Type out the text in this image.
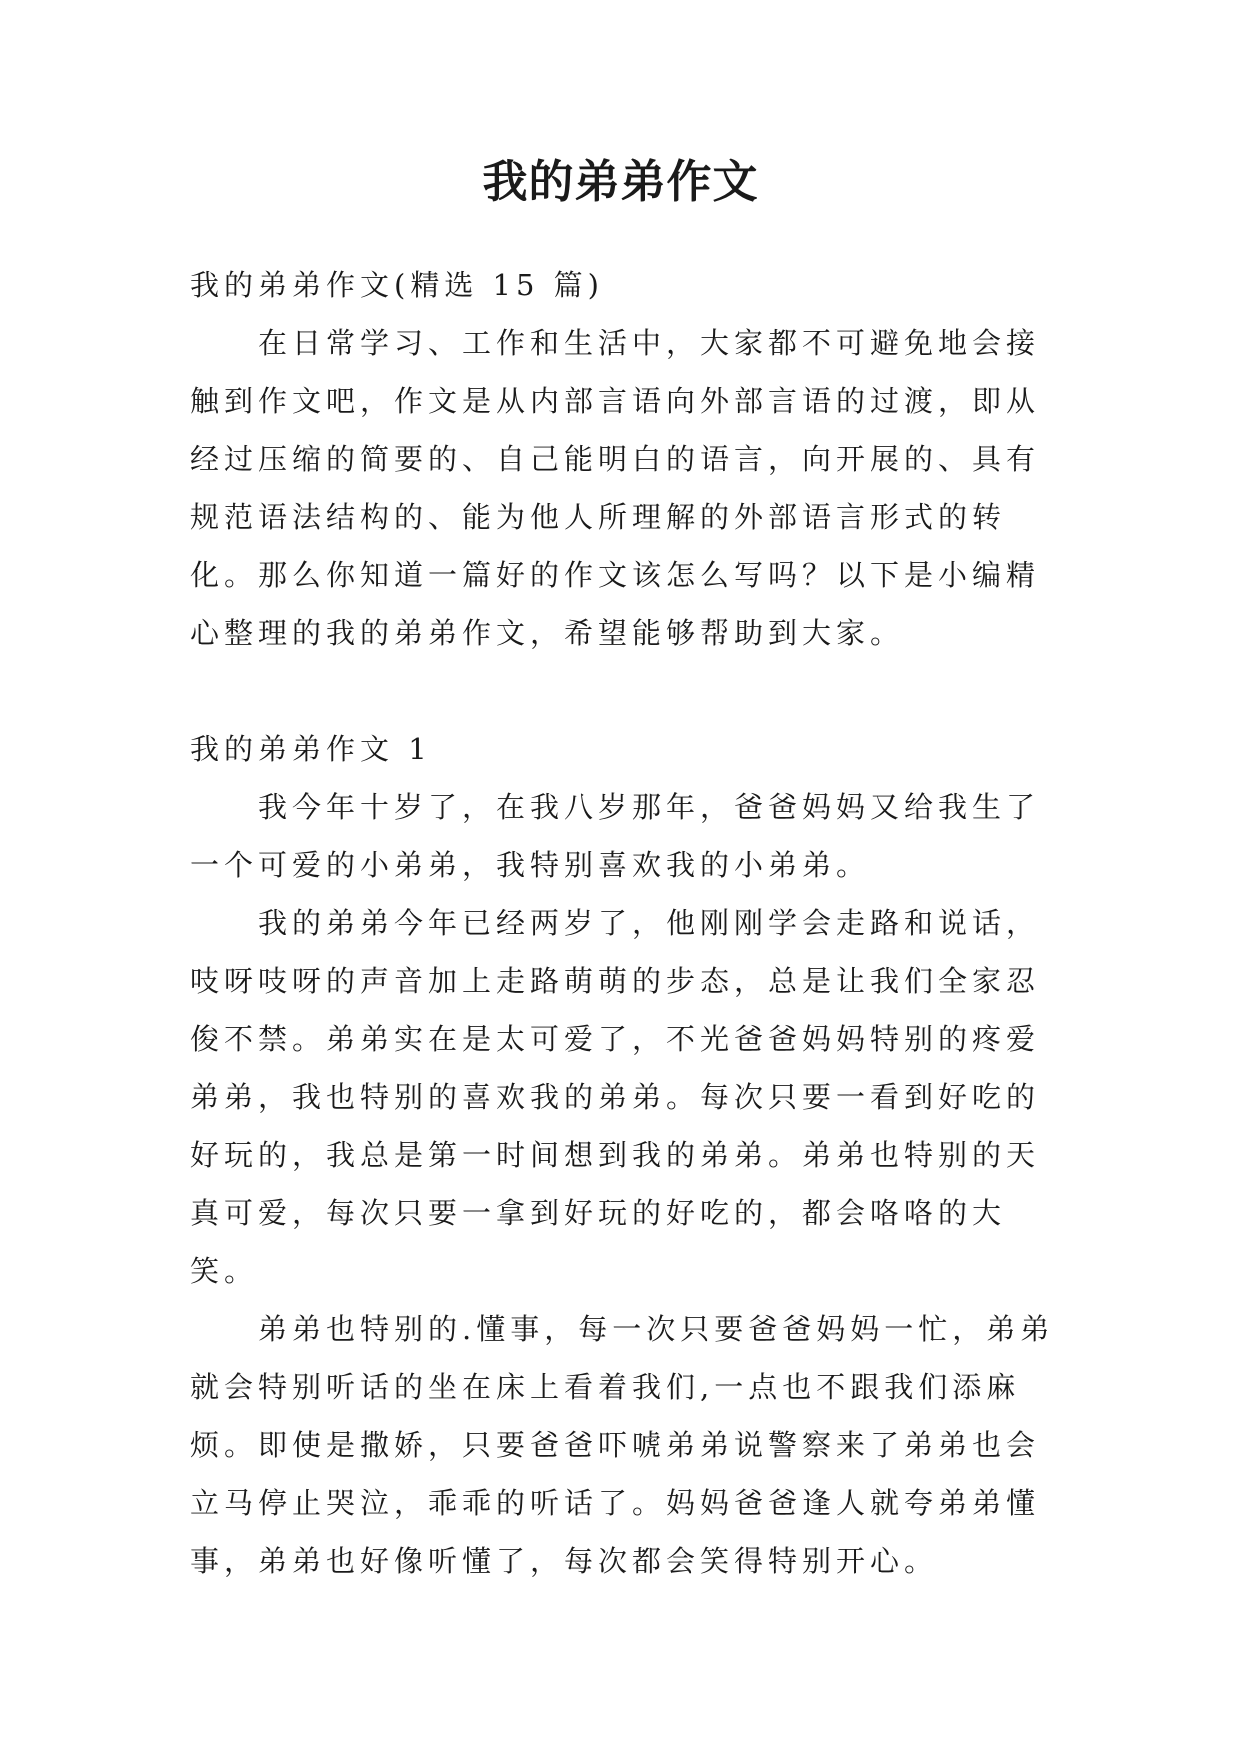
我的弟弟作文

我的弟弟作文(精选 15 篇)

在日常学习、工作和生活中，大家都不可避免地会接触到作文吧，作文是从内部言语向外部言语的过渡，即从经过压缩的简要的、自己能明白的语言，向开展的、具有规范语法结构的、能为他人所理解的外部语言形式的转化。那么你知道一篇好的作文该怎么写吗？以下是小编精心整理的我的弟弟作文，希望能够帮助到大家。

我的弟弟作文 1

我今年十岁了，在我八岁那年，爸爸妈妈又给我生了一个可爱的小弟弟，我特别喜欢我的小弟弟。

我的弟弟今年已经两岁了，他刚刚学会走路和说话，吱呀吱呀的声音加上走路萌萌的步态，总是让我们全家忍俊不禁。弟弟实在是太可爱了，不光爸爸妈妈特别的疼爱弟弟，我也特别的喜欢我的弟弟。每次只要一看到好吃的好玩的，我总是第一时间想到我的弟弟。弟弟也特别的天真可爱，每次只要一拿到好玩的好吃的，都会咯咯的大笑。

弟弟也特别的.懂事，每一次只要爸爸妈妈一忙，弟弟就会特别听话的坐在床上看着我们,一点也不跟我们添麻烦。即使是撒娇，只要爸爸吓唬弟弟说警察来了弟弟也会立马停止哭泣，乖乖的听话了。妈妈爸爸逢人就夸弟弟懂事，弟弟也好像听懂了，每次都会笑得特别开心。
